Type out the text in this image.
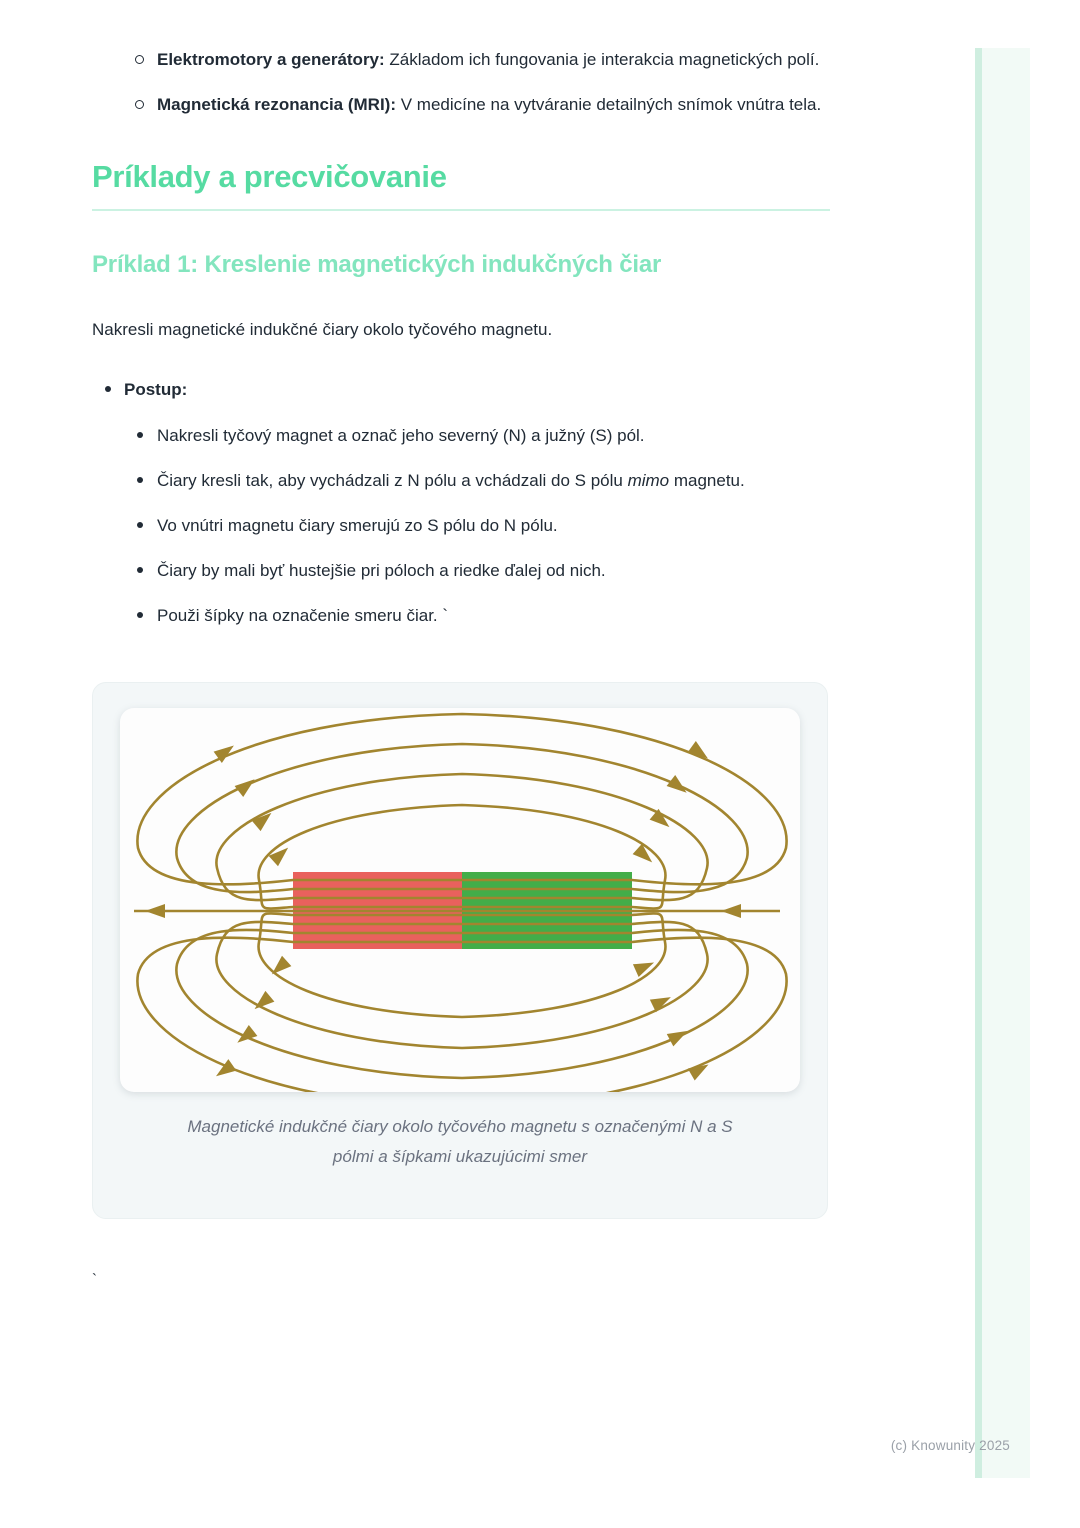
Elektromotory a generátory: Základom ich fungovania je interakcia magnetických polí.
Magnetická rezonancia (MRI): V medicíne na vytváranie detailných snímok vnútra tela.
Príklady a precvičovanie
Príklad 1: Kreslenie magnetických indukčných čiar

Nakresli magnetické indukčné čiary okolo tyčového magnetu.

Postup:
Nakresli tyčový magnet a označ jeho severný (N) a južný (S) pól.
Čiary kresli tak, aby vychádzali z N pólu a vchádzali do S pólu mimo magnetu.
Vo vnútri magnetu čiary smerujú zo S pólu do N pólu.
Čiary by mali byť hustejšie pri póloch a riedke ďalej od nich.
Použi šípky na označenie smeru čiar. `
Magnetické indukčné čiary okolo tyčového magnetu s označenými N a S
pólmi a šípkami ukazujúcimi smer

`

(c) Knowunity 2025
